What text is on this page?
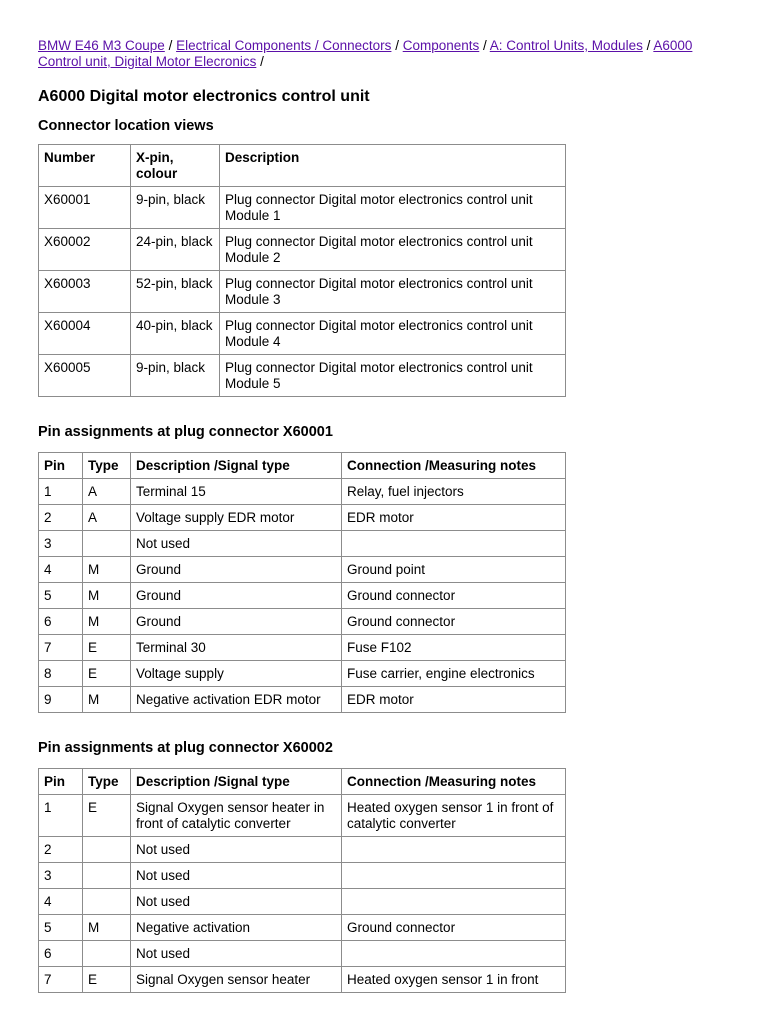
BMW E46 M3 Coupe / Electrical Components / Connectors / Components / A: Control Units, Modules / A6000 Control unit, Digital Motor Elecronics /
A6000 Digital motor electronics control unit
Connector location views
Number	X-pin, colour	Description
X60001	9-pin, black	Plug connector Digital motor electronics control unit Module 1
X60002	24-pin, black	Plug connector Digital motor electronics control unit Module 2
X60003	52-pin, black	Plug connector Digital motor electronics control unit Module 3
X60004	40-pin, black	Plug connector Digital motor electronics control unit Module 4
X60005	9-pin, black	Plug connector Digital motor electronics control unit Module 5
Pin assignments at plug connector X60001
Pin	Type	Description /Signal type	Connection /Measuring notes
1	A	Terminal 15	Relay, fuel injectors
2	A	Voltage supply EDR motor	EDR motor
3		Not used	
4	M	Ground	Ground point
5	M	Ground	Ground connector
6	M	Ground	Ground connector
7	E	Terminal 30	Fuse F102
8	E	Voltage supply	Fuse carrier, engine electronics
9	M	Negative activation EDR motor	EDR motor
Pin assignments at plug connector X60002
Pin	Type	Description /Signal type	Connection /Measuring notes
1	E	Signal Oxygen sensor heater in front of catalytic converter	Heated oxygen sensor 1 in front of catalytic converter
2		Not used	
3		Not used	
4		Not used	
5	M	Negative activation	Ground connector
6		Not used	
7	E	Signal Oxygen sensor heater	Heated oxygen sensor 1 in front
